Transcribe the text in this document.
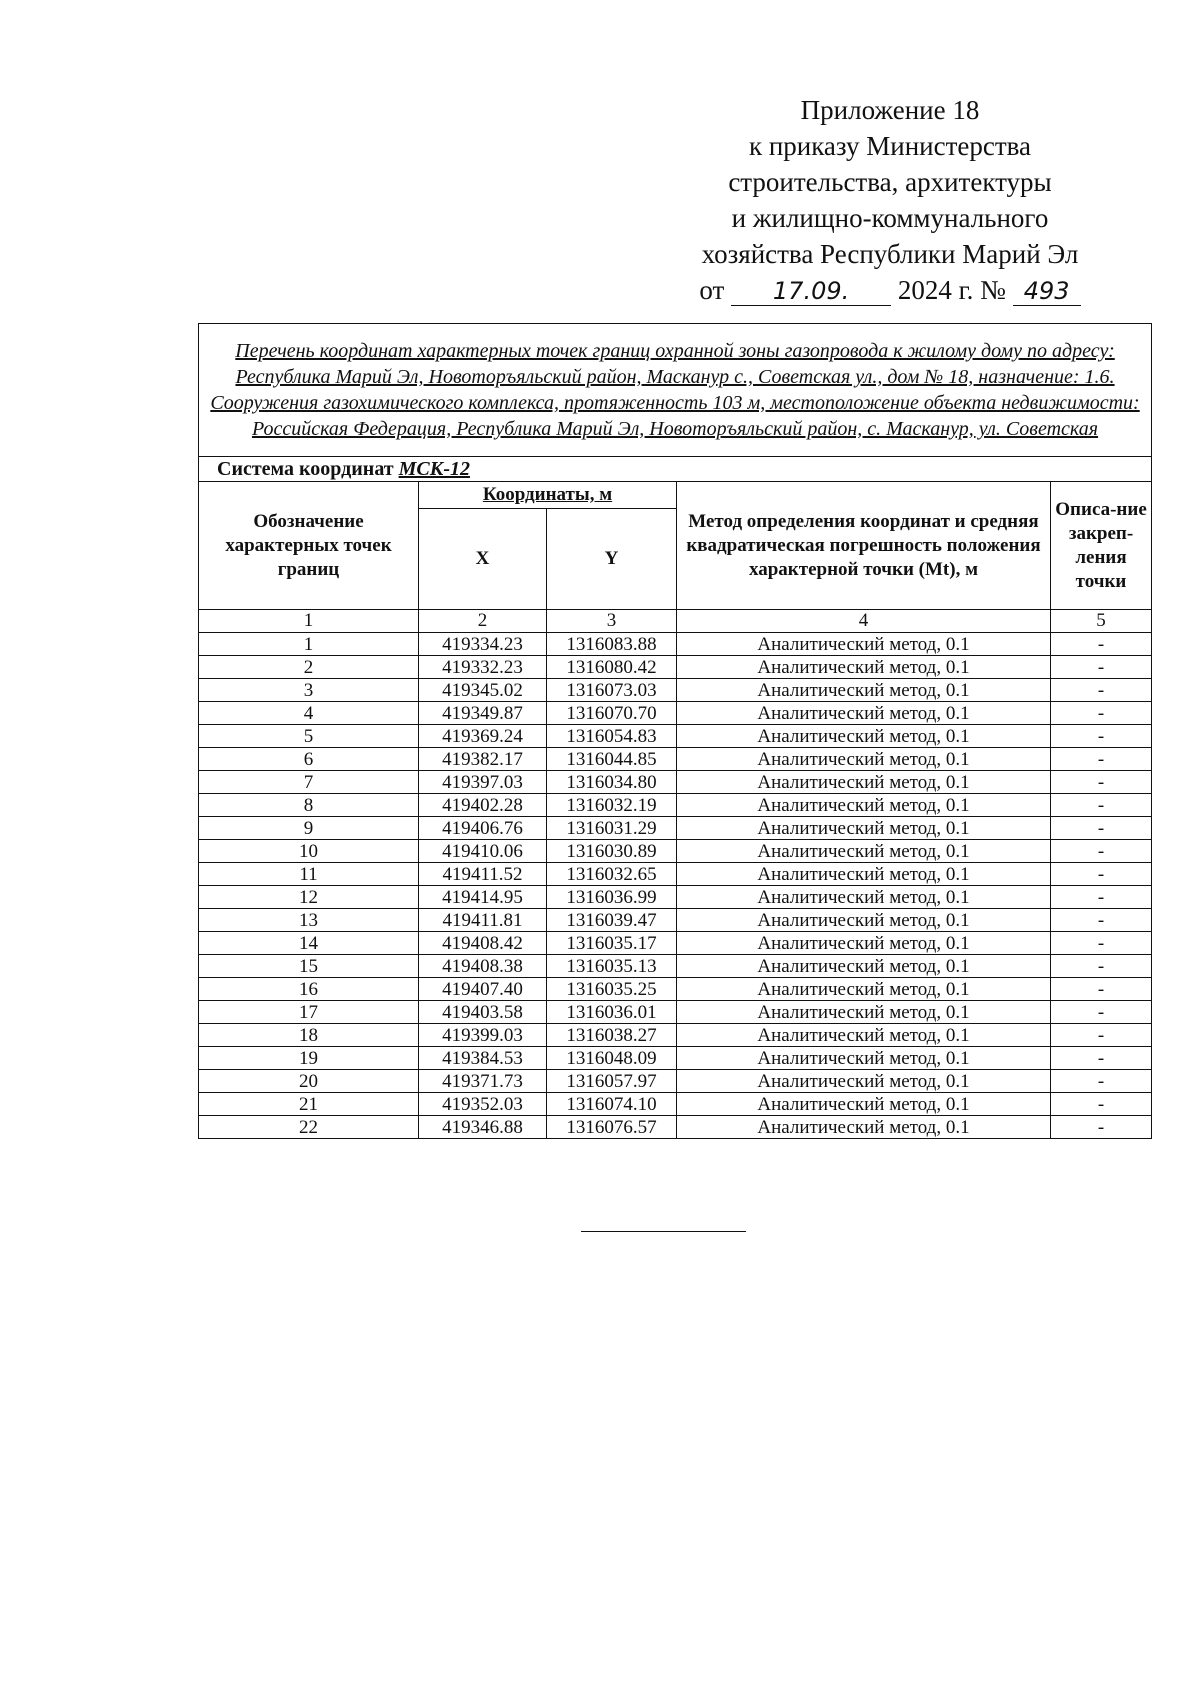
Приложение 18
к приказу Министерства
строительства, архитектуры
и жилищно-коммунального
хозяйства Республики Марий Эл
от 17.09. 2024 г. № 493
Перечень координат характерных точек границ охранной зоны газопровода к жилому дому по адресу: Республика Марий Эл, Новоторъяльский район, Масканур с., Советская ул., дом № 18, назначение: 1.6. Сооружения газохимического комплекса, протяженность 103 м, местоположение объекта недвижимости: Российская Федерация, Республика Марий Эл, Новоторъяльский район, с. Масканур, ул. Советская				
Система координат МСК-12				
Обозначение характерных точек границ	Координаты, м		Метод определения координат и средняя квадратическая погрешность положения характерной точки (Mt), м	Описа-ние закреп-ления точки
	X	Y		
1	2	3	4	5
1	419334.23	1316083.88	Аналитический метод, 0.1	-
2	419332.23	1316080.42	Аналитический метод, 0.1	-
3	419345.02	1316073.03	Аналитический метод, 0.1	-
4	419349.87	1316070.70	Аналитический метод, 0.1	-
5	419369.24	1316054.83	Аналитический метод, 0.1	-
6	419382.17	1316044.85	Аналитический метод, 0.1	-
7	419397.03	1316034.80	Аналитический метод, 0.1	-
8	419402.28	1316032.19	Аналитический метод, 0.1	-
9	419406.76	1316031.29	Аналитический метод, 0.1	-
10	419410.06	1316030.89	Аналитический метод, 0.1	-
11	419411.52	1316032.65	Аналитический метод, 0.1	-
12	419414.95	1316036.99	Аналитический метод, 0.1	-
13	419411.81	1316039.47	Аналитический метод, 0.1	-
14	419408.42	1316035.17	Аналитический метод, 0.1	-
15	419408.38	1316035.13	Аналитический метод, 0.1	-
16	419407.40	1316035.25	Аналитический метод, 0.1	-
17	419403.58	1316036.01	Аналитический метод, 0.1	-
18	419399.03	1316038.27	Аналитический метод, 0.1	-
19	419384.53	1316048.09	Аналитический метод, 0.1	-
20	419371.73	1316057.97	Аналитический метод, 0.1	-
21	419352.03	1316074.10	Аналитический метод, 0.1	-
22	419346.88	1316076.57	Аналитический метод, 0.1	-
